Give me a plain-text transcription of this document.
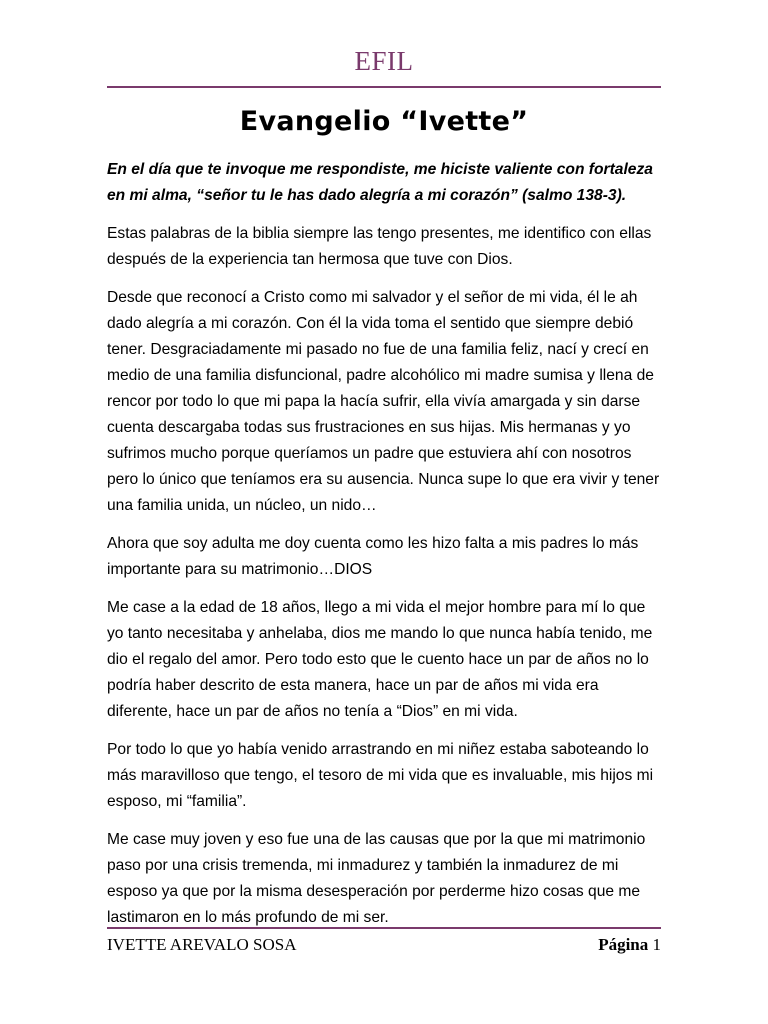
EFIL
Evangelio “Ivette”

En el día que te invoque me respondiste, me hiciste valiente con fortaleza en mi alma, “señor tu le has dado alegría a mi corazón” (salmo 138-3).

Estas palabras de la biblia siempre las tengo presentes, me identifico con ellas después de la experiencia tan hermosa que tuve con Dios.

Desde que reconocí a Cristo como mi salvador y el señor de mi vida, él le ah dado alegría a mi corazón. Con él la vida toma el sentido que siempre debió tener. Desgraciadamente mi pasado no fue de una familia feliz, nací y crecí en medio de una familia disfuncional, padre alcohólico mi madre sumisa y llena de rencor por todo lo que mi papa la hacía sufrir, ella vivía amargada y sin darse cuenta descargaba todas sus frustraciones en sus hijas. Mis hermanas y yo sufrimos mucho porque queríamos un padre que estuviera ahí con nosotros pero lo único que teníamos era su ausencia. Nunca supe lo que era vivir y tener una familia unida, un núcleo, un nido…

Ahora que soy adulta me doy cuenta como les hizo falta a mis padres lo más importante para su matrimonio…DIOS

Me case a la edad de 18 años, llego a mi vida el mejor hombre para mí lo que yo tanto necesitaba y anhelaba, dios me mando lo que nunca había tenido, me dio el regalo del amor. Pero todo esto que le cuento hace un par de años no lo podría haber descrito de esta manera, hace un par de años mi vida era diferente, hace un par de años no tenía a “Dios” en mi vida.

Por todo lo que yo había venido arrastrando en mi niñez estaba saboteando lo más maravilloso que tengo, el tesoro de mi vida que es invaluable, mis hijos mi esposo, mi “familia”.

Me case muy joven y eso fue una de las causas que por la que mi matrimonio paso por una crisis tremenda, mi inmadurez y también la inmadurez de mi esposo ya que por la misma desesperación por perderme hizo cosas que me lastimaron en lo más profundo de mi ser.

IVETTE AREVALO SOSA	Página 1
